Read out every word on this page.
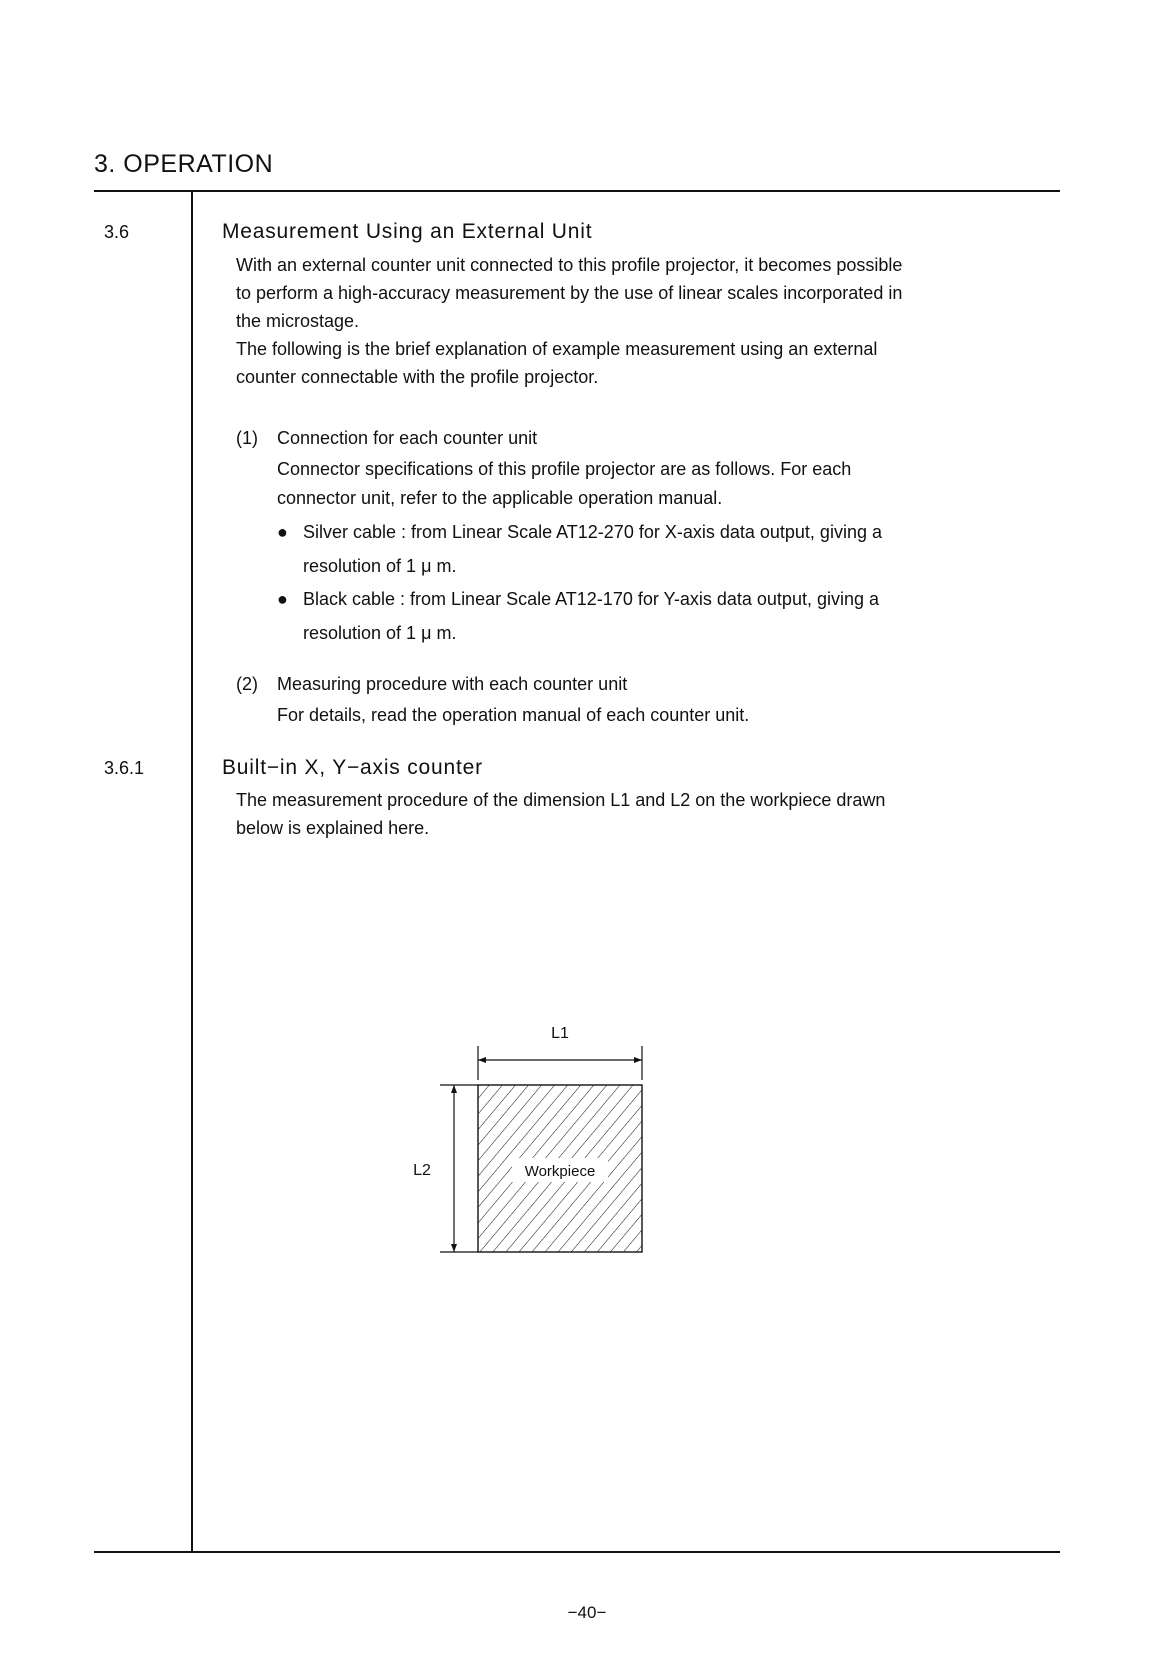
3. OPERATION
3.6	Measurement Using an External Unit

With an external counter unit connected to this profile projector, it becomes possible

to perform a high-accuracy measurement by the use of linear scales incorporated in

the microstage.

The following is the brief explanation of example measurement using an external

counter connectable with the profile projector.

(1) Connection for each counter unit

Connector specifications of this profile projector are as follows. For each

connector unit, refer to the applicable operation manual.

● Silver cable : from Linear Scale AT12-270 for X-axis data output, giving a
resolution of 1 μ m.
● Black cable : from Linear Scale AT12-170 for Y-axis data output, giving a
resolution of 1 μ m.
(2) Measuring procedure with each counter unit

For details, read the operation manual of each counter unit.

3.6.1	Built−in X, Y−axis counter

The measurement procedure of the dimension L1 and L2 on the workpiece drawn

below is explained here.

L1
L2	Workpiece
−40−
